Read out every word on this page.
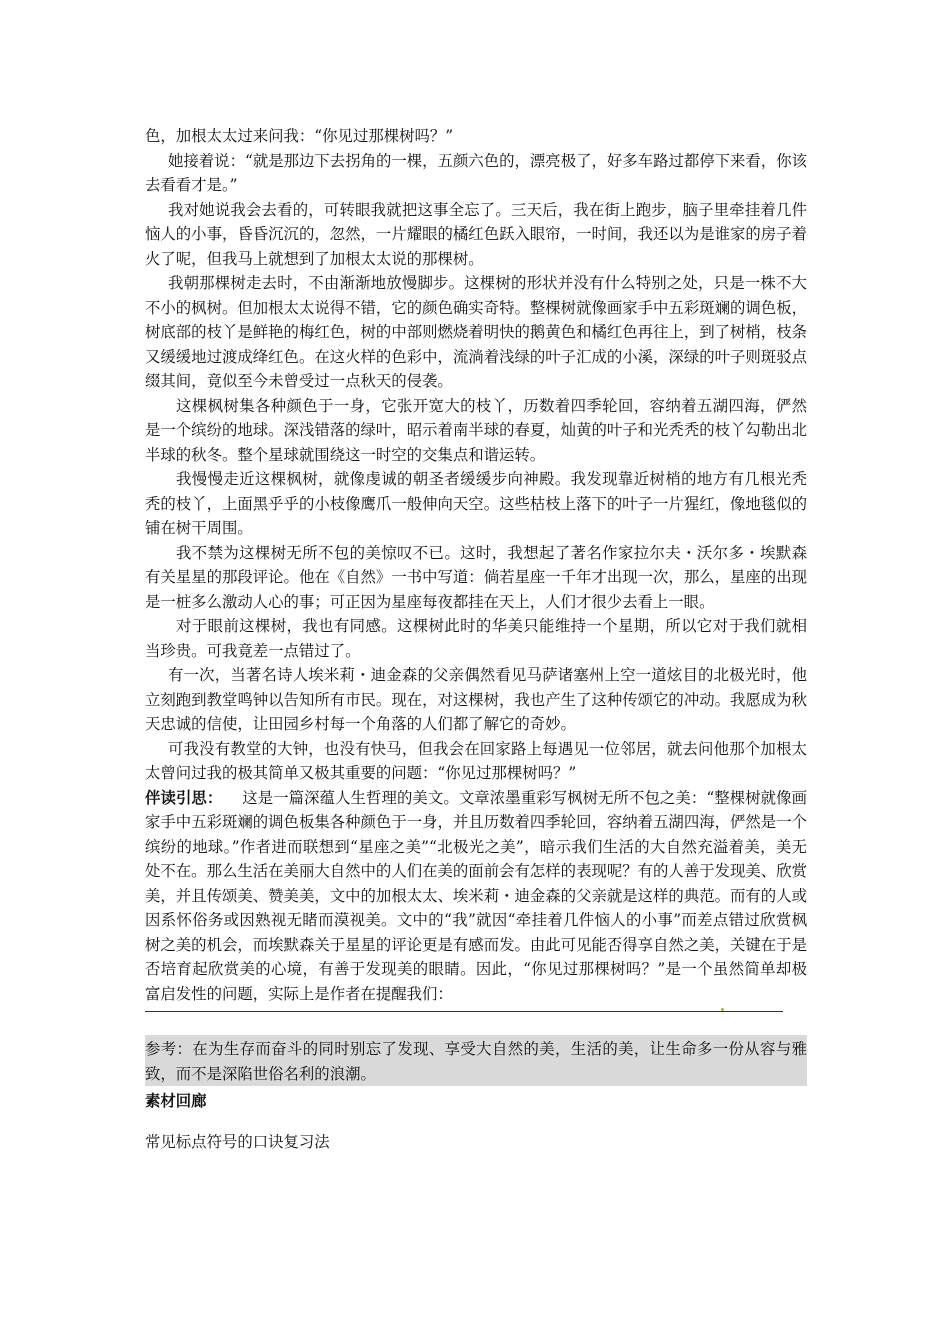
色，加根太太过来问我：“你见过那棵树吗？”

她接着说：“就是那边下去拐角的一棵，五颜六色的，漂亮极了，好多车路过都停下来看，你该去看看才是。”

我对她说我会去看的，可转眼我就把这事全忘了。三天后，我在街上跑步，脑子里牵挂着几件恼人的小事，昏昏沉沉的，忽然，一片耀眼的橘红色跃入眼帘，一时间，我还以为是谁家的房子着火了呢，但我马上就想到了加根太太说的那棵树。

我朝那棵树走去时，不由渐渐地放慢脚步。这棵树的形状并没有什么特别之处，只是一株不大不小的枫树。但加根太太说得不错，它的颜色确实奇特。整棵树就像画家手中五彩斑斓的调色板，树底部的枝丫是鲜艳的梅红色，树的中部则燃烧着明快的鹅黄色和橘红色再往上，到了树梢，枝条又缓缓地过渡成绛红色。在这火样的色彩中，流淌着浅绿的叶子汇成的小溪，深绿的叶子则斑驳点缀其间，竟似至今未曾受过一点秋天的侵袭。

这棵枫树集各种颜色于一身，它张开宽大的枝丫，历数着四季轮回，容纳着五湖四海，俨然是一个缤纷的地球。深浅错落的绿叶，昭示着南半球的春夏，灿黄的叶子和光秃秃的枝丫勾勒出北半球的秋冬。整个星球就围绕这一时空的交集点和谐运转。

我慢慢走近这棵枫树，就像虔诚的朝圣者缓缓步向神殿。我发现靠近树梢的地方有几根光秃秃的枝丫，上面黑乎乎的小枝像鹰爪一般伸向天空。这些枯枝上落下的叶子一片猩红，像地毯似的铺在树干周围。

我不禁为这棵树无所不包的美惊叹不已。这时，我想起了著名作家拉尔夫・沃尔多・埃默森有关星星的那段评论。他在《自然》一书中写道：倘若星座一千年才出现一次，那么，星座的出现是一桩多么激动人心的事；可正因为星座每夜都挂在天上，人们才很少去看上一眼。

对于眼前这棵树，我也有同感。这棵树此时的华美只能维持一个星期，所以它对于我们就相当珍贵。可我竟差一点错过了。

有一次，当著名诗人埃米莉・迪金森的父亲偶然看见马萨诸塞州上空一道炫目的北极光时，他立刻跑到教堂鸣钟以告知所有市民。现在，对这棵树，我也产生了这种传颂它的冲动。我愿成为秋天忠诚的信使，让田园乡村每一个角落的人们都了解它的奇妙。

可我没有教堂的大钟，也没有快马，但我会在回家路上每遇见一位邻居，就去问他那个加根太太曾问过我的极其简单又极其重要的问题：“你见过那棵树吗？”

伴读引思： 这是一篇深蕴人生哲理的美文。文章浓墨重彩写枫树无所不包之美：“整棵树就像画家手中五彩斑斓的调色板集各种颜色于一身，并且历数着四季轮回，容纳着五湖四海，俨然是一个缤纷的地球。”作者进而联想到“星座之美”“北极光之美”，暗示我们生活的大自然充溢着美，美无处不在。那么生活在美丽大自然中的人们在美的面前会有怎样的表现呢？有的人善于发现美、欣赏美，并且传颂美、赞美美，文中的加根太太、埃米莉・迪金森的父亲就是这样的典范。而有的人或因系怀俗务或因熟视无睹而漠视美。文中的“我”就因“牵挂着几件恼人的小事”而差点错过欣赏枫树之美的机会，而埃默森关于星星的评论更是有感而发。由此可见能否得享自然之美，关键在于是否培育起欣赏美的心境，有善于发现美的眼睛。因此，“你见过那棵树吗？”是一个虽然简单却极富启发性的问题，实际上是作者在提醒我们：

参考：在为生存而奋斗的同时别忘了发现、享受大自然的美，生活的美，让生命多一份从容与雅致，而不是深陷世俗名利的浪潮。

素材回廊

常见标点符号的口诀复习法
